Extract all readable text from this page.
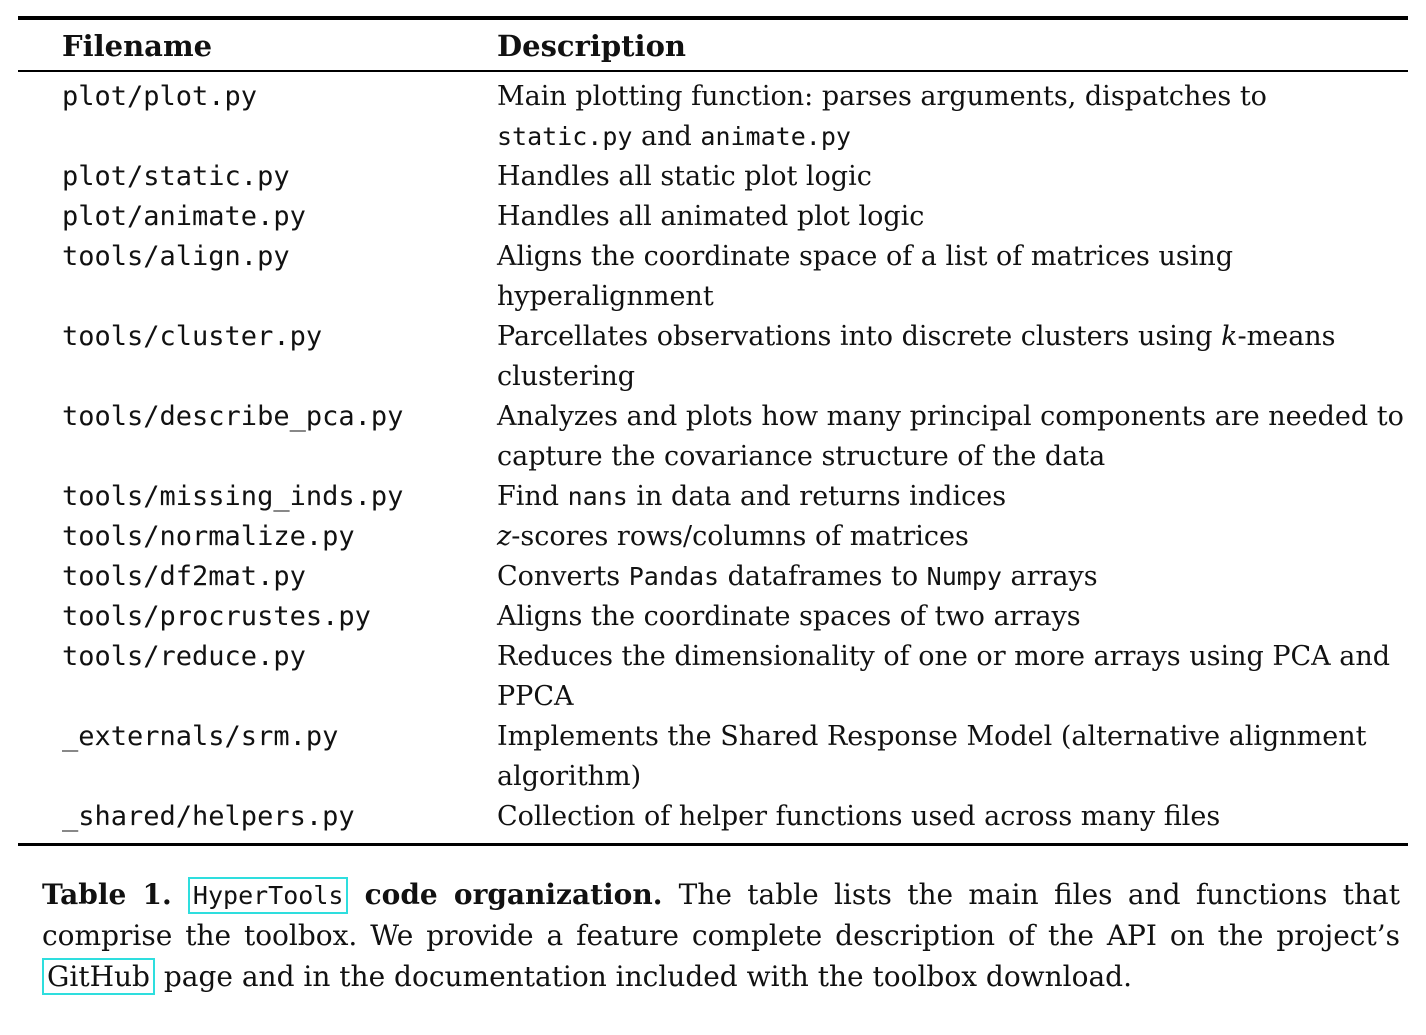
Filename	Description
plot/plot.py	Main plotting function: parses arguments, dispatches to static.py and animate.py
plot/static.py	Handles all static plot logic
plot/animate.py	Handles all animated plot logic
tools/align.py	Aligns the coordinate space of a list of matrices using hyperalignment
tools/cluster.py	Parcellates observations into discrete clusters using k-means clustering
tools/describe_pca.py	Analyzes and plots how many principal components are needed to capture the covariance structure of the data
tools/missing_inds.py	Find nans in data and returns indices
tools/normalize.py	z-scores rows/columns of matrices
tools/df2mat.py	Converts Pandas dataframes to Numpy arrays
tools/procrustes.py	Aligns the coordinate spaces of two arrays
tools/reduce.py	Reduces the dimensionality of one or more arrays using PCA and PPCA
_externals/srm.py	Implements the Shared Response Model (alternative alignment algorithm)
_shared/helpers.py	Collection of helper functions used across many files

Table 1. HyperTools code organization. The table lists the main files and functions that comprise the toolbox. We provide a feature complete description of the API on the project’s GitHub page and in the documentation included with the toolbox download.
